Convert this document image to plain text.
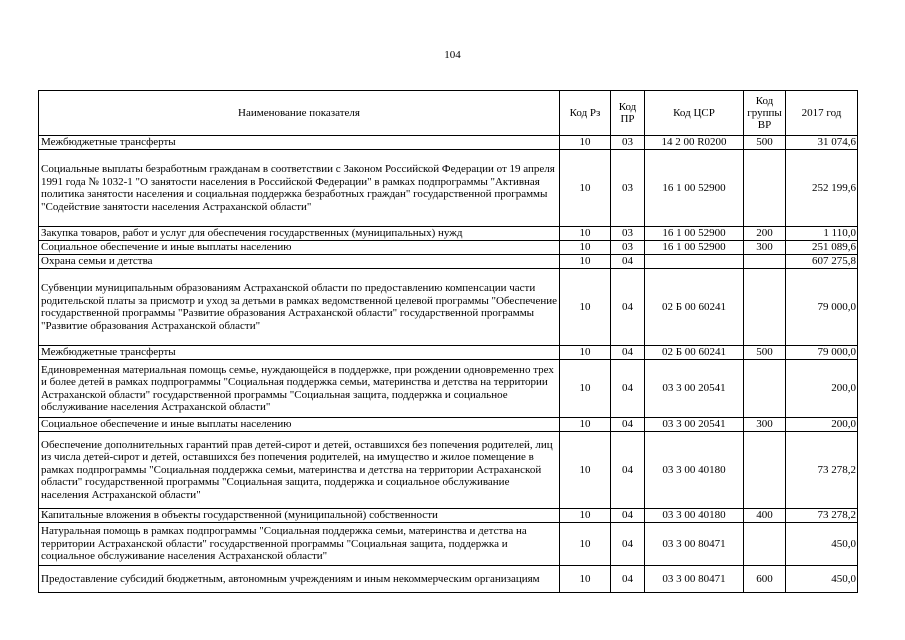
104
Наименование показателя	Код Рз	Код ПР	Код ЦСР	Код группы ВР	2017 год
Межбюджетные трансферты	10	03	14 2 00 R0200	500	31 074,6
Социальные выплаты безработным гражданам в соответствии с Законом Российской Федерации от 19 апреля 1991 года № 1032-1 "О занятости населения в Российской Федерации" в рамках подпрограммы "Активная политика занятости населения и социальная поддержка безработных граждан" государственной программы "Содействие занятости населения Астраханской области"	10	03	16 1 00 52900		252 199,6
Закупка товаров, работ и услуг для обеспечения государственных (муниципальных) нужд	10	03	16 1 00 52900	200	1 110,0
Социальное обеспечение и иные выплаты населению	10	03	16 1 00 52900	300	251 089,6
Охрана семьи и детства	10	04			607 275,8
Субвенции муниципальным образованиям Астраханской области по предоставлению компенсации части родительской платы за присмотр и уход за детьми в рамках ведомственной целевой программы "Обеспечение государственной программы "Развитие образования Астраханской области" государственной программы "Развитие образования Астраханской области"	10	04	02 Б 00 60241		79 000,0
Межбюджетные трансферты	10	04	02 Б 00 60241	500	79 000,0
Единовременная материальная помощь семье, нуждающейся в поддержке, при рождении одновременно трех и более детей в рамках подпрограммы "Социальная поддержка семьи, материнства и детства на территории Астраханской области" государственной программы "Социальная защита, поддержка и социальное обслуживание населения Астраханской области"	10	04	03 3 00 20541		200,0
Социальное обеспечение и иные выплаты населению	10	04	03 3 00 20541	300	200,0
Обеспечение дополнительных гарантий прав детей-сирот и детей, оставшихся без попечения родителей, лиц из числа детей-сирот и детей, оставшихся без попечения родителей, на имущество и жилое помещение в рамках подпрограммы "Социальная поддержка семьи, материнства и детства на территории Астраханской области" государственной программы "Социальная защита, поддержка и социальное обслуживание населения Астраханской области"	10	04	03 3 00 40180		73 278,2
Капитальные вложения в объекты государственной (муниципальной) собственности	10	04	03 3 00 40180	400	73 278,2
Натуральная помощь в рамках подпрограммы "Социальная поддержка семьи, материнства и детства на территории Астраханской области" государственной программы "Социальная защита, поддержка и социальное обслуживание населения Астраханской области"	10	04	03 3 00 80471		450,0
Предоставление субсидий бюджетным, автономным учреждениям и иным некоммерческим организациям	10	04	03 3 00 80471	600	450,0
